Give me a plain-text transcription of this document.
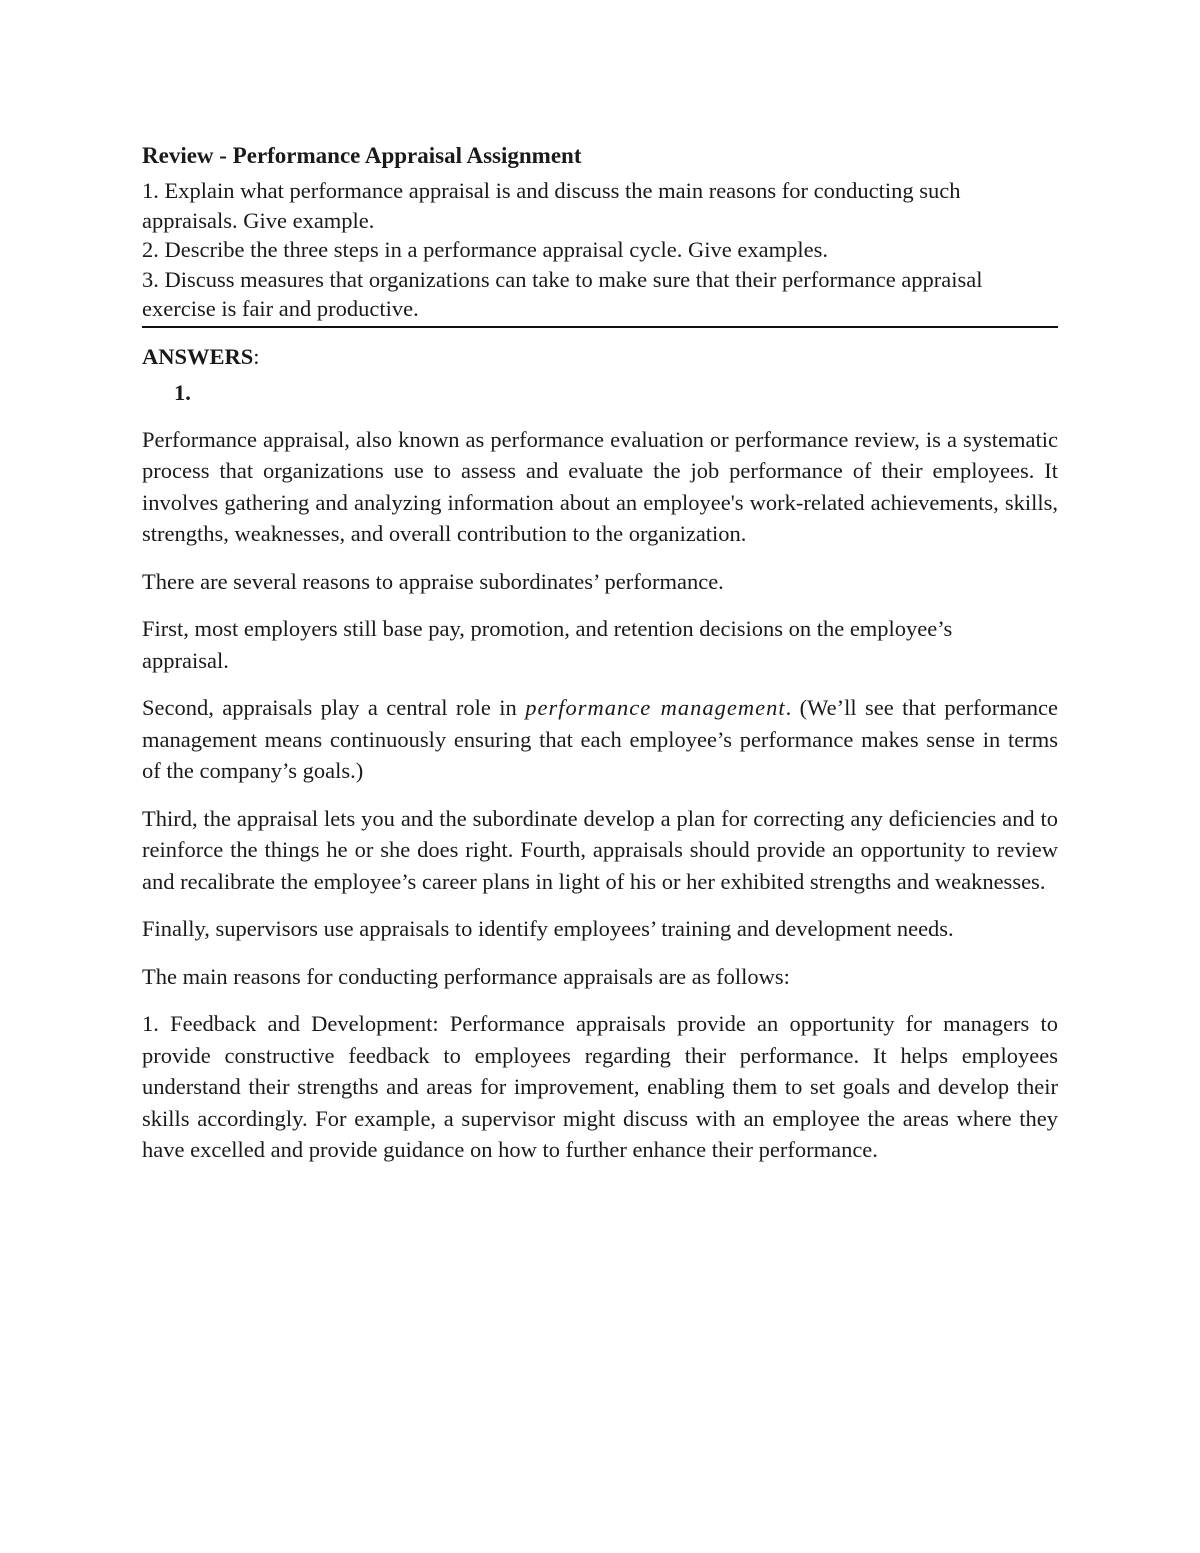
Review - Performance Appraisal Assignment

1. Explain what performance appraisal is and discuss the main reasons for conducting such appraisals. Give example.

2. Describe the three steps in a performance appraisal cycle. Give examples.

3. Discuss measures that organizations can take to make sure that their performance appraisal exercise is fair and productive.

ANSWERS:

1.

Performance appraisal, also known as performance evaluation or performance review, is a systematic process that organizations use to assess and evaluate the job performance of their employees. It involves gathering and analyzing information about an employee's work-related achievements, skills, strengths, weaknesses, and overall contribution to the organization.

There are several reasons to appraise subordinates’ performance.

First, most employers still base pay, promotion, and retention decisions on the employee’s
appraisal.

Second, appraisals play a central role in performance management. (We’ll see that performance management means continuously ensuring that each employee’s performance makes sense in terms of the company’s goals.)

Third, the appraisal lets you and the subordinate develop a plan for correcting any deficiencies and to reinforce the things he or she does right. Fourth, appraisals should provide an opportunity to review and recalibrate the employee’s career plans in light of his or her exhibited strengths and weaknesses.

Finally, supervisors use appraisals to identify employees’ training and development needs.

The main reasons for conducting performance appraisals are as follows:

1. Feedback and Development: Performance appraisals provide an opportunity for managers to provide constructive feedback to employees regarding their performance. It helps employees understand their strengths and areas for improvement, enabling them to set goals and develop their skills accordingly. For example, a supervisor might discuss with an employee the areas where they have excelled and provide guidance on how to further enhance their performance.
